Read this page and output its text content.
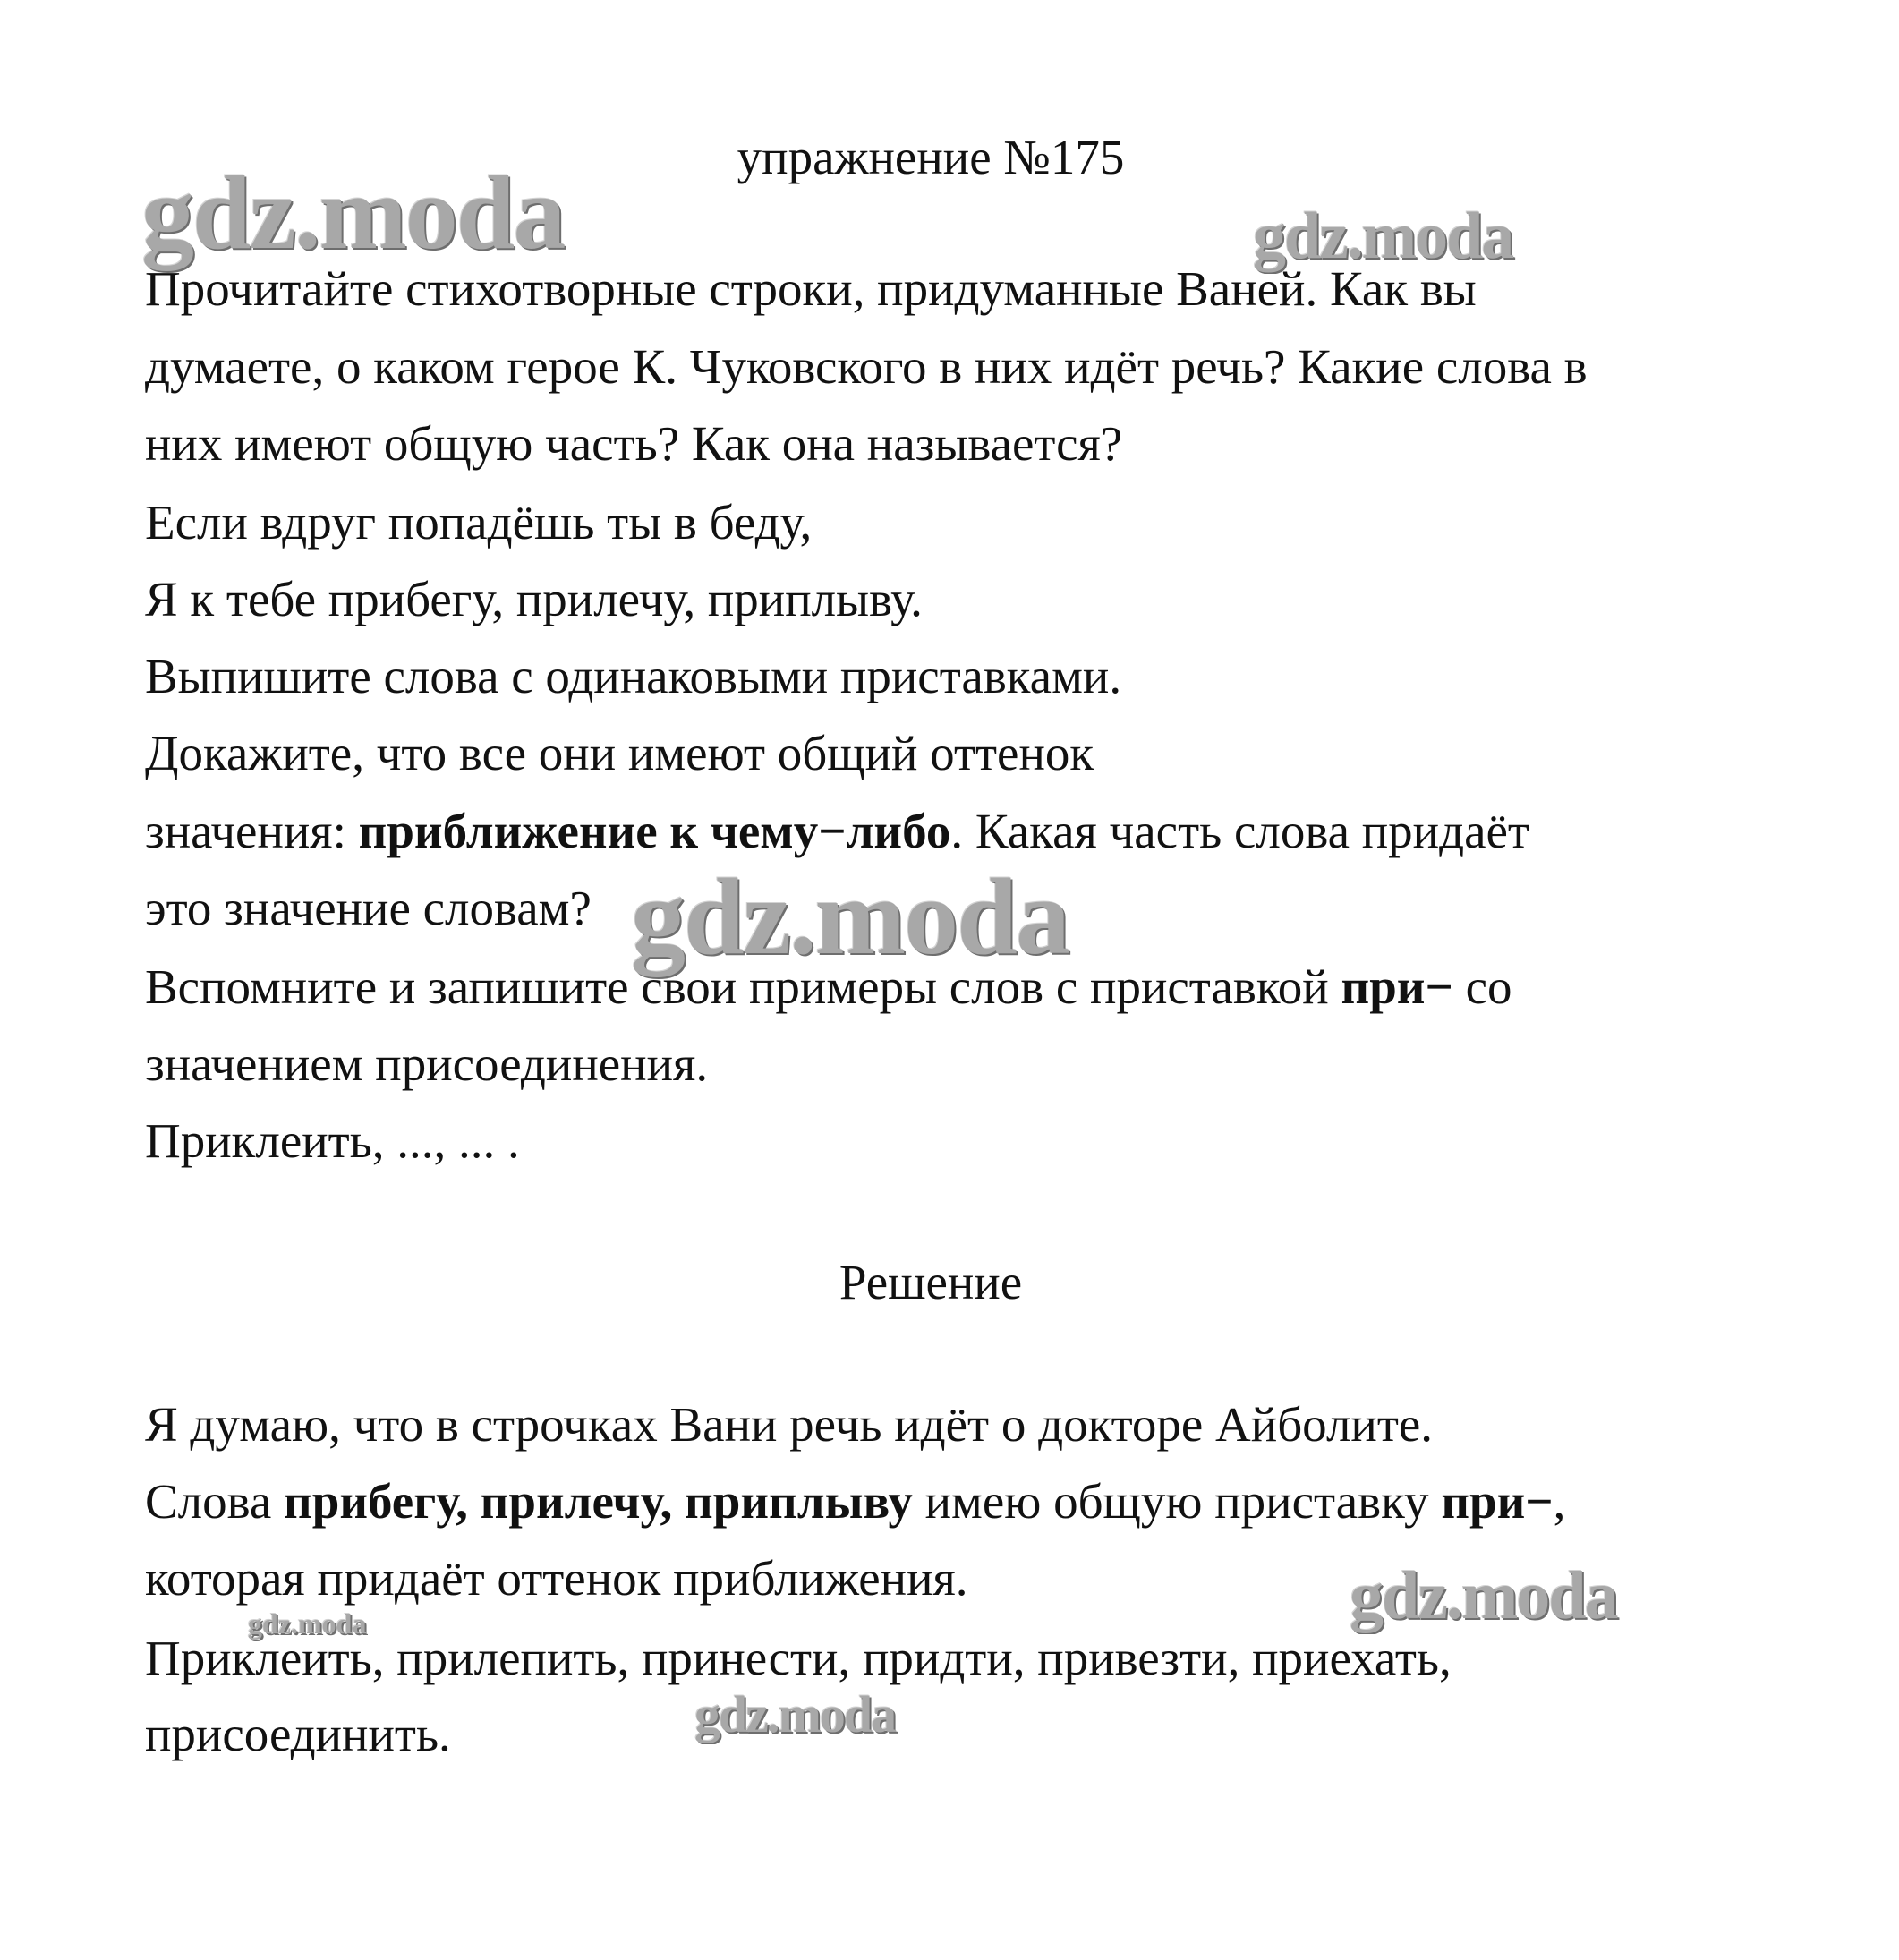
упражнение №175
Прочитайте стихотворные строки, придуманные Ваней. Как вы
думаете, о каком герое К. Чуковского в них идёт речь? Какие слова в
них имеют общую часть? Как она называется?
Если вдруг попадёшь ты в беду,
Я к тебе прибегу, прилечу, приплыву.
Выпишите слова с одинаковыми приставками.
Докажите, что все они имеют общий оттенок
значения: приближение к чему−либо. Какая часть слова придаёт
это значение словам?
Вспомните и запишите свои примеры слов с приставкой при− со
значением присоединения.
Приклеить, ..., ... .
Решение
Я думаю, что в строчках Вани речь идёт о докторе Айболите.
Слова прибегу, прилечу, приплыву имею общую приставку при−,
которая придаёт оттенок приближения.
Приклеить, прилепить, принести, придти, привезти, приехать,
присоединить.
gdz.moda	gdz.moda
gdz.moda
gdz.moda
gdz.moda
gdz.moda
